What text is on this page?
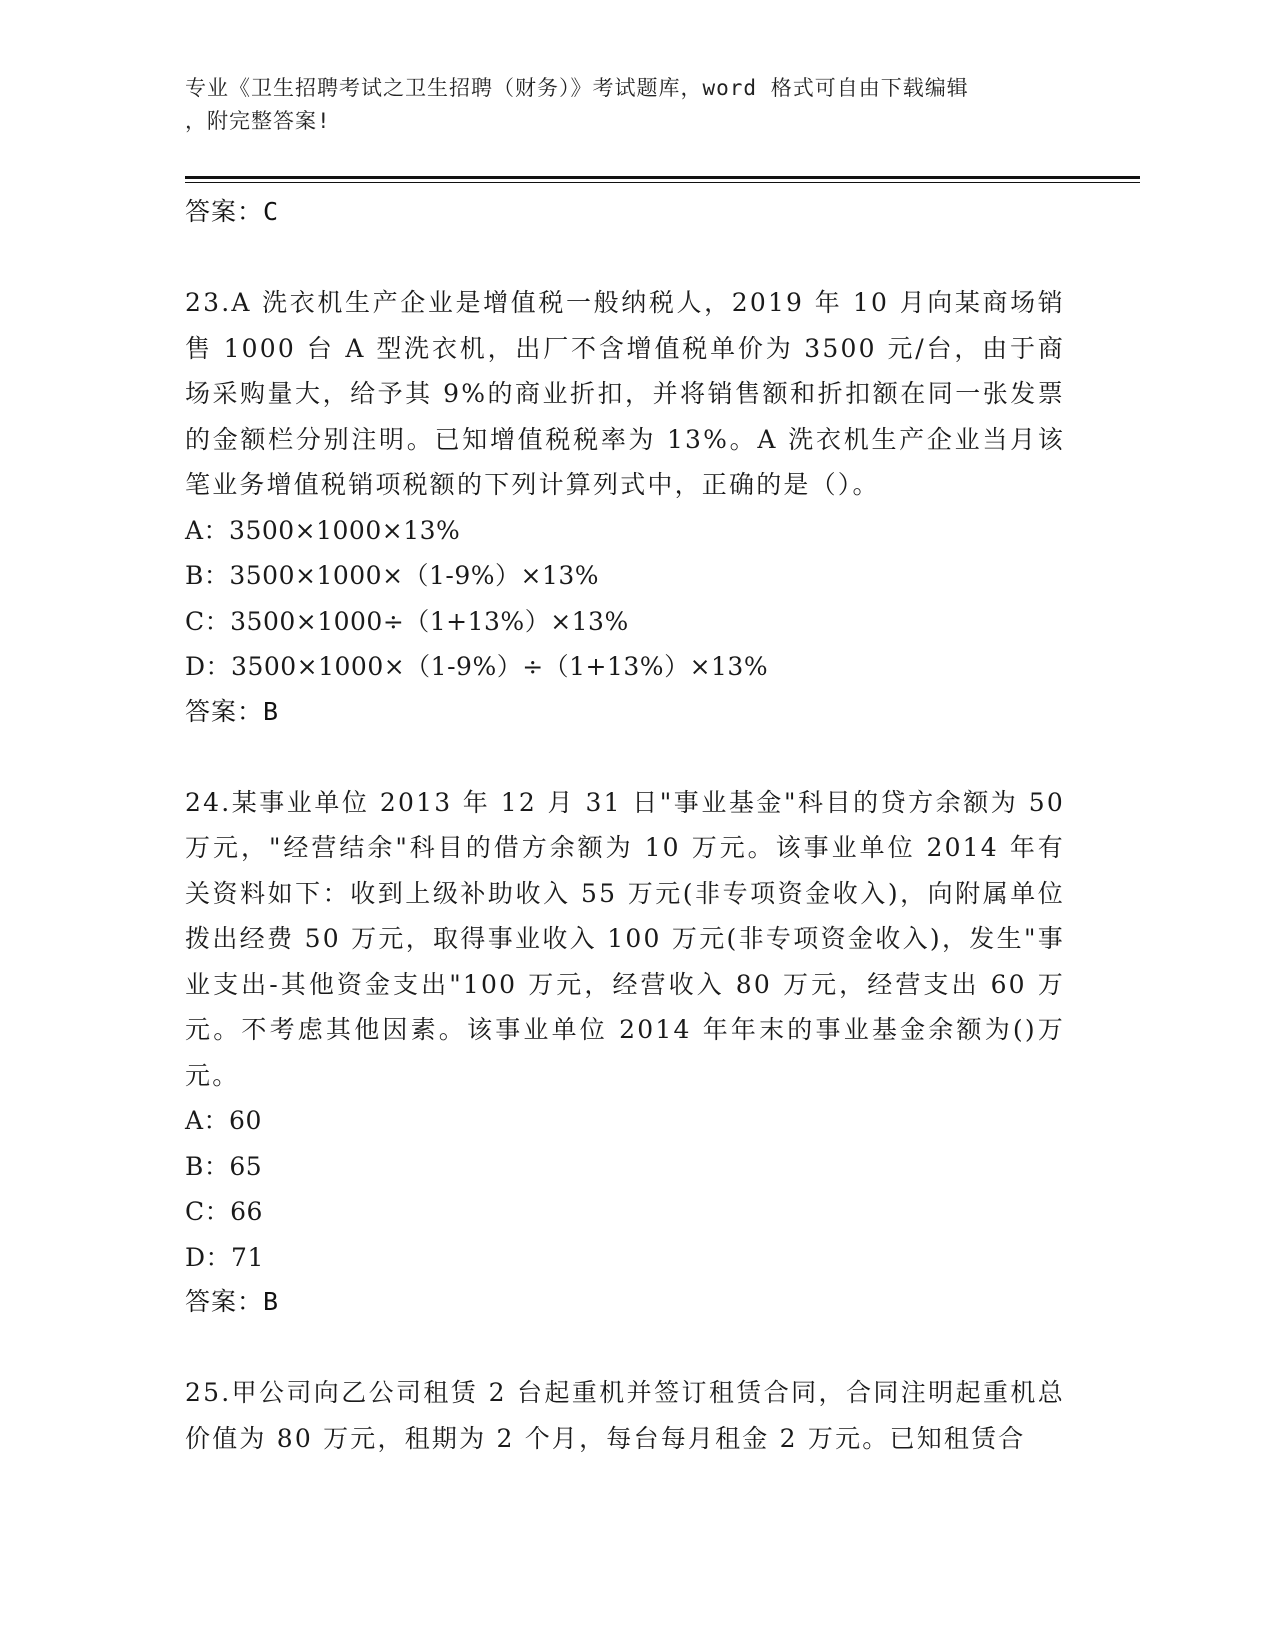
专业《卫生招聘考试之卫生招聘（财务）》考试题库，word 格式可自由下载编辑
，附完整答案!
答案：C
23.A 洗衣机生产企业是增值税一般纳税人，2019 年 10 月向某商场销售 1000 台 A 型洗衣机，出厂不含增值税单价为 3500 元/台，由于商场采购量大，给予其 9%的商业折扣，并将销售额和折扣额在同一张发票的金额栏分别注明。已知增值税税率为 13%。A 洗衣机生产企业当月该笔业务增值税销项税额的下列计算列式中，正确的是（）。
A：3500×1000×13%
B：3500×1000×（1-9%）×13%
C：3500×1000÷（1+13%）×13%
D：3500×1000×（1-9%）÷（1+13%）×13%
答案：B
24.某事业单位 2013 年 12 月 31 日"事业基金"科目的贷方余额为 50 万元，"经营结余"科目的借方余额为 10 万元。该事业单位 2014 年有关资料如下：收到上级补助收入 55 万元(非专项资金收入)，向附属单位拨出经费 50 万元，取得事业收入 100 万元(非专项资金收入)，发生"事业支出-其他资金支出"100 万元，经营收入 80 万元，经营支出 60 万元。不考虑其他因素。该事业单位 2014 年年末的事业基金余额为()万元。
A：60
B：65
C：66
D：71
答案：B
25.甲公司向乙公司租赁 2 台起重机并签订租赁合同，合同注明起重机总价值为 80 万元，租期为 2 个月，每台每月租金 2 万元。已知租赁合
